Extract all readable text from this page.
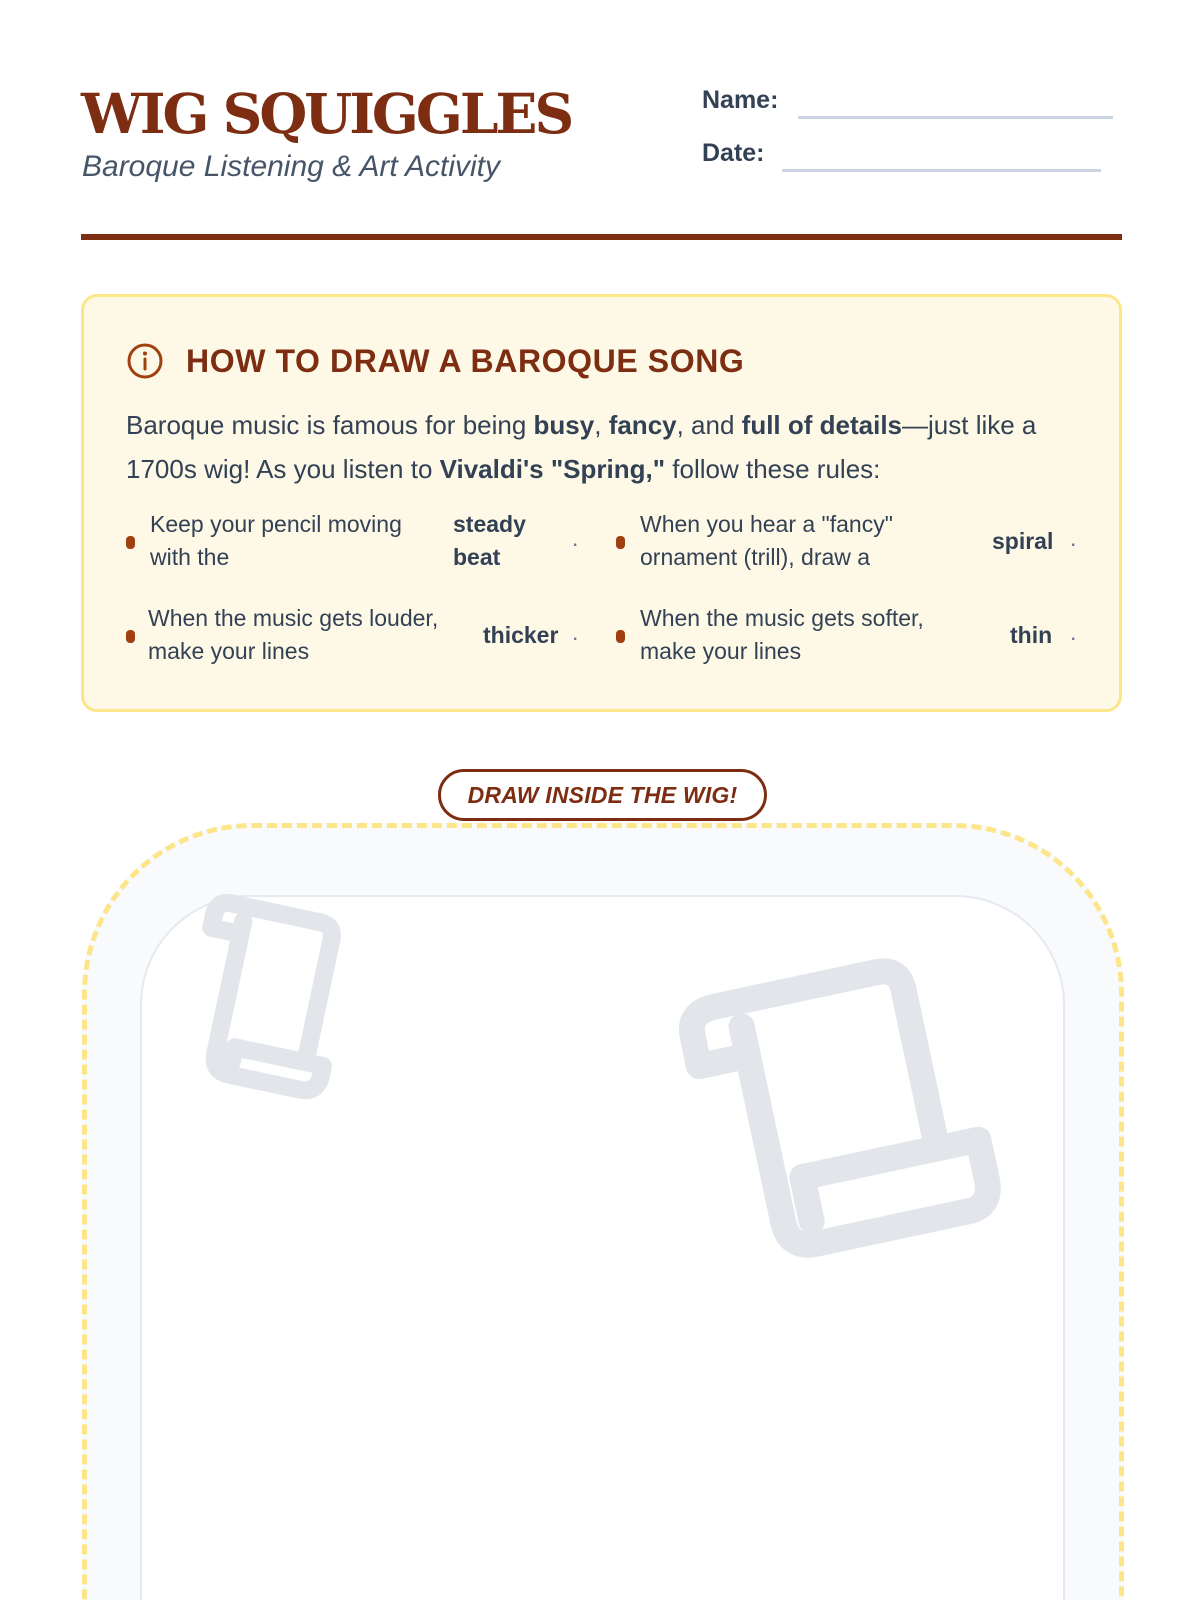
WIG SQUIGGLES
Baroque Listening & Art Activity
Name:
Date:
HOW TO DRAW A BAROQUE SONG

Baroque music is famous for being busy, fancy, and full of details—just like a 1700s wig! As you listen to Vivaldi's "Spring," follow these rules:

Keep your pencil moving with the
steady beat
.
When you hear a "fancy" ornament (trill), draw a
spiral .
When the music gets louder, make your lines
thicker .
When the music gets softer, make your lines
thin .
DRAW INSIDE THE WIG!
